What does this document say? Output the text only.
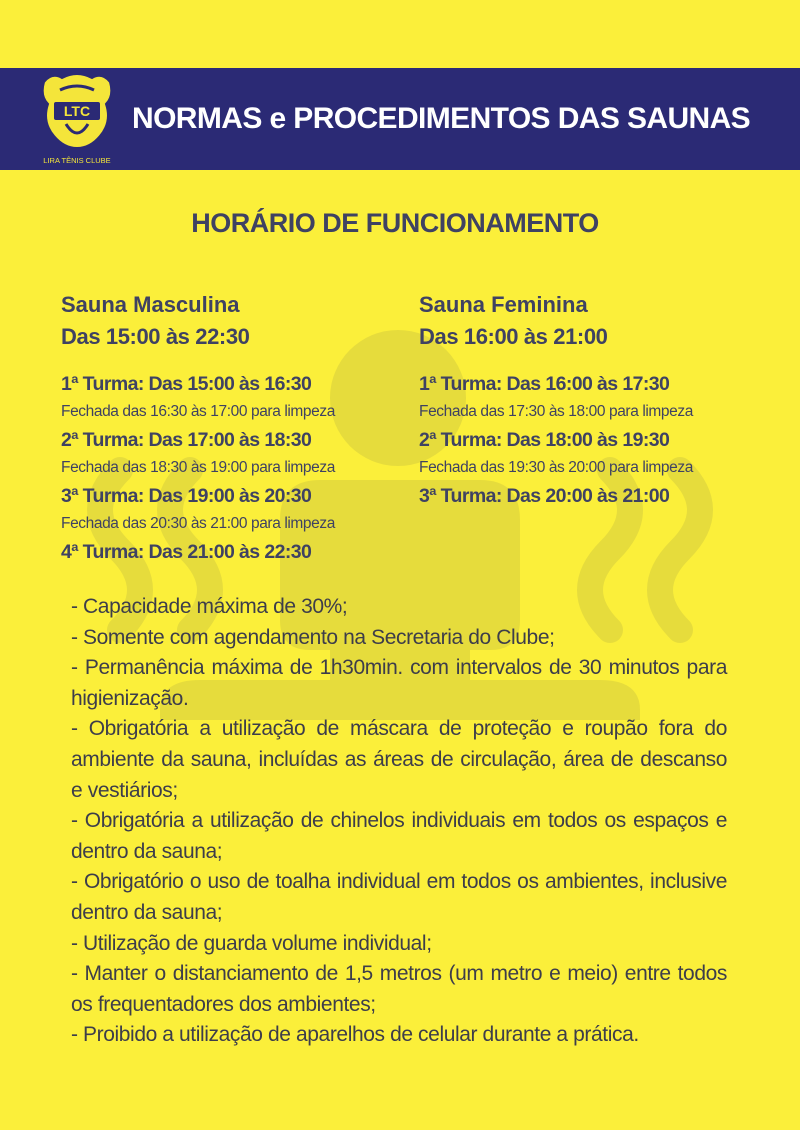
LTC
LIRA TÊNIS CLUBE
NORMAS e PROCEDIMENTOS DAS SAUNAS
HORÁRIO DE FUNCIONAMENTO
Sauna Masculina
Das 15:00 às 22:30
1ª Turma: Das 15:00 às 16:30
Fechada das 16:30 às 17:00 para limpeza
2ª Turma: Das 17:00 às 18:30
Fechada das 18:30 às 19:00 para limpeza
3ª Turma: Das 19:00 às 20:30
Fechada das 20:30 às 21:00 para limpeza
4ª Turma: Das 21:00 às 22:30
Sauna Feminina
Das 16:00 às 21:00
1ª Turma: Das 16:00 às 17:30
Fechada das 17:30 às 18:00 para limpeza
2ª Turma: Das 18:00 às 19:30
Fechada das 19:30 às 20:00 para limpeza
3ª Turma: Das 20:00 às 21:00

- Capacidade máxima de 30%;

- Somente com agendamento na Secretaria do Clube;

- Permanência máxima de 1h30min. com intervalos de 30 minutos para higienização.

- Obrigatória a utilização de máscara de proteção e roupão fora do ambiente da sauna, incluídas as áreas de circulação, área de descanso e vestiários;

- Obrigatória a utilização de chinelos individuais em todos os espaços e dentro da sauna;

- Obrigatório o uso de toalha individual em todos os ambientes, inclusive dentro da sauna;

- Utilização de guarda volume individual;

- Manter o distanciamento de 1,5 metros (um metro e meio) entre todos os frequentadores dos ambientes;

- Proibido a utilização de aparelhos de celular durante a prática.
